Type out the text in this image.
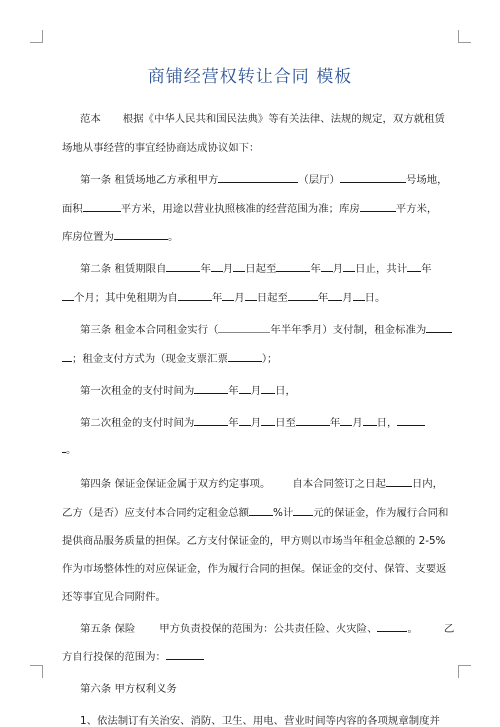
商铺经营权转让合同 模板
范本 根据《中华人民共和国民法典》等有关法律、法规的规定，双方就租赁
场地从事经营的事宜经协商达成协议如下：
第一条 租赁场地乙方承租甲方	（层厅）	号场地，
面积	平方米，用途以营业执照核准的经营范围为准；库房	平方米，
库房位置为	。
第二条 租赁期限自	年 月 日起至	年 月 日止，共计 年
个月；其中免租期为自	年 月 日起至	年 月 日。
第三条 租金本合同租金实行（	年半年季月）支付制，租金标准为
；租金支付方式为（现金支票汇票	）；
第一次租金的支付时间为	年 月 日，
第二次租金的支付时间为	年 月 日至	年 月 日，
。
第四条 保证金保证金属于双方约定事项。 自本合同签订之日起	日内，
乙方（是否）应支付本合同约定租金总额 %计 元的保证金，作为履行合同和
提供商品服务质量的担保。乙方支付保证金的，甲方则以市场当年租金总额的 2-5%
作为市场整体性的对应保证金，作为履行合同的担保。保证金的交付、保管、支要返
还等事宜见合同附件。
第五条 保险 甲方负责投保的范围为：公共责任险、火灾险、	。	乙
方自行投保的范围为：
第六条 甲方权利义务
1、依法制订有关治安、消防、卫生、用电、营业时间等内容的各项规章制度并
